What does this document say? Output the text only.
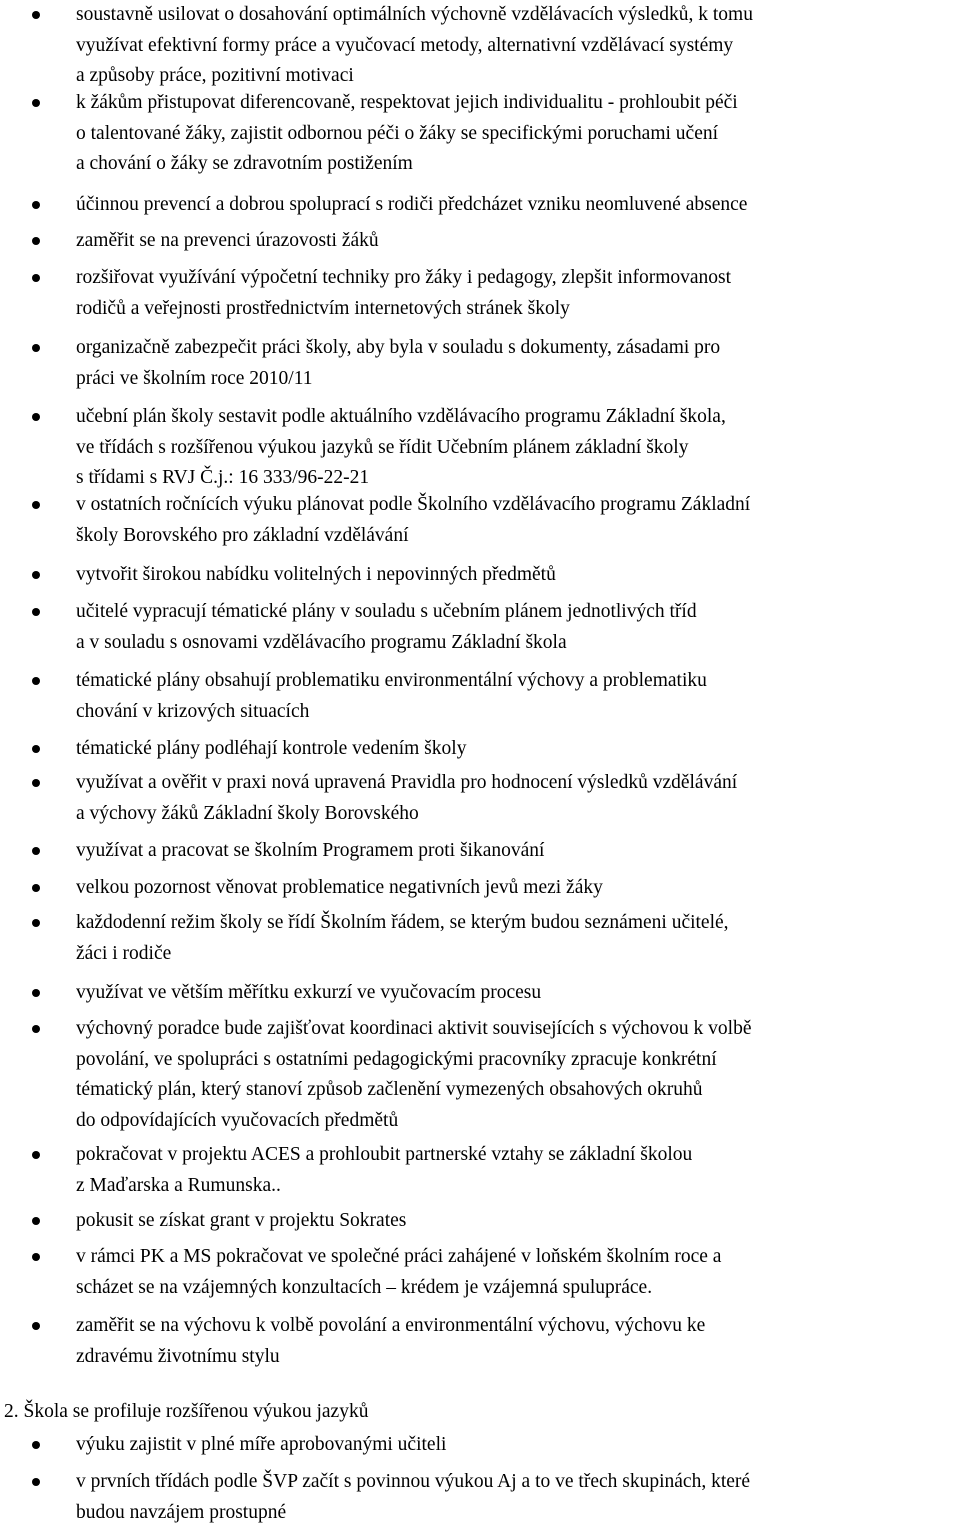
soustavně usilovat o dosahování optimálních výchovně vzdělávacích výsledků, k tomu
využívat efektivní formy práce a vyučovací metody, alternativní vzdělávací systémy
a způsoby práce, pozitivní motivaci
k žákům přistupovat diferencovaně, respektovat jejich individualitu - prohloubit péči
o talentované žáky, zajistit odbornou péči o žáky se specifickými poruchami učení
a chování o žáky se zdravotním postižením
účinnou prevencí a dobrou spoluprací s rodiči předcházet vzniku neomluvené absence
zaměřit se na prevenci úrazovosti žáků
rozšiřovat využívání výpočetní techniky pro žáky i pedagogy, zlepšit informovanost
rodičů a veřejnosti prostřednictvím internetových stránek školy
organizačně zabezpečit práci školy, aby byla v souladu s dokumenty, zásadami pro
práci ve školním roce 2010/11
učební plán školy sestavit podle aktuálního vzdělávacího programu Základní škola,
ve třídách s rozšířenou výukou jazyků se řídit Učebním plánem základní školy
s třídami s RVJ Č.j.: 16 333/96-22-21
v ostatních ročnících výuku plánovat podle Školního vzdělávacího programu Základní
školy Borovského pro základní vzdělávání
vytvořit širokou nabídku volitelných i nepovinných předmětů
učitelé vypracují tématické plány v souladu s učebním plánem jednotlivých tříd
a v souladu s osnovami vzdělávacího programu Základní škola
tématické plány obsahují problematiku environmentální výchovy a problematiku
chování v krizových situacích
tématické plány podléhají kontrole vedením školy
využívat a ověřit v praxi nová upravená Pravidla pro hodnocení výsledků vzdělávání
a výchovy žáků Základní školy Borovského
využívat a pracovat se školním Programem proti šikanování
velkou pozornost věnovat problematice negativních jevů mezi žáky
každodenní režim školy se řídí Školním řádem, se kterým budou seznámeni učitelé,
žáci i rodiče
využívat ve větším měřítku exkurzí ve vyučovacím procesu
výchovný poradce bude zajišťovat koordinaci aktivit souvisejících s výchovou k volbě
povolání, ve spolupráci s ostatními pedagogickými pracovníky zpracuje konkrétní
tématický plán, který stanoví způsob začlenění vymezených obsahových okruhů
do odpovídajících vyučovacích předmětů
pokračovat v projektu ACES a prohloubit partnerské vztahy se základní školou
z Maďarska a Rumunska..
pokusit se získat grant v projektu Sokrates
v rámci PK a MS pokračovat ve společné práci zahájené v loňském školním roce a
scházet se na vzájemných konzultacích – krédem je vzájemná spulupráce.
zaměřit se na výchovu k volbě povolání a environmentální výchovu, výchovu ke
zdravému životnímu stylu
2. Škola se profiluje rozšířenou výukou jazyků
výuku zajistit v plné míře aprobovanými učiteli
v prvních třídách podle ŠVP začít s povinnou výukou Aj a to ve třech skupinách, které
budou navzájem prostupné
